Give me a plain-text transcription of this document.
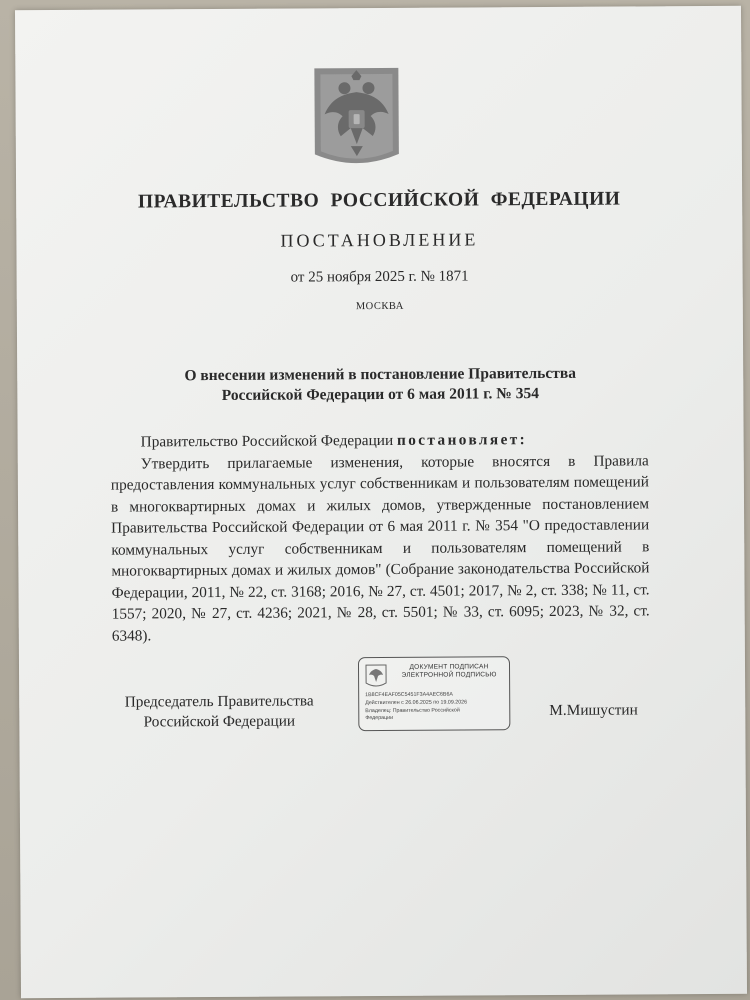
ПРАВИТЕЛЬСТВО РОССИЙСКОЙ ФЕДЕРАЦИИ
ПОСТАНОВЛЕНИЕ
от 25 ноября 2025 г. № 1871
МОСКВА
О внесении изменений в постановление Правительства
Российской Федерации от 6 мая 2011 г. № 354

Правительство Российской Федерации постановляет:

Утвердить прилагаемые изменения, которые вносятся в Правила предоставления коммунальных услуг собственникам и пользователям помещений в многоквартирных домах и жилых домов, утвержденные постановлением Правительства Российской Федерации от 6 мая 2011 г. № 354 "О предоставлении коммунальных услуг собственникам и пользователям помещений в многоквартирных домах и жилых домов" (Собрание законодательства Российской Федерации, 2011, № 22, ст. 3168; 2016, № 27, ст. 4501; 2017, № 2, ст. 338; № 11, ст. 1557; 2020, № 27, ст. 4236; 2021, № 28, ст. 5501; № 33, ст. 6095; 2023, № 32, ст. 6348).

Председатель Правительства
Российской Федерации
ДОКУМЕНТ ПОДПИСАН
ЭЛЕКТРОННОЙ ПОДПИСЬЮ
1B8CF4EAF05C5451F3A4AEC6B6A
Действителен с 26.06.2025 по 19.09.2026
Владелец: Правительство Российской
Федерации	М.Мишустин
